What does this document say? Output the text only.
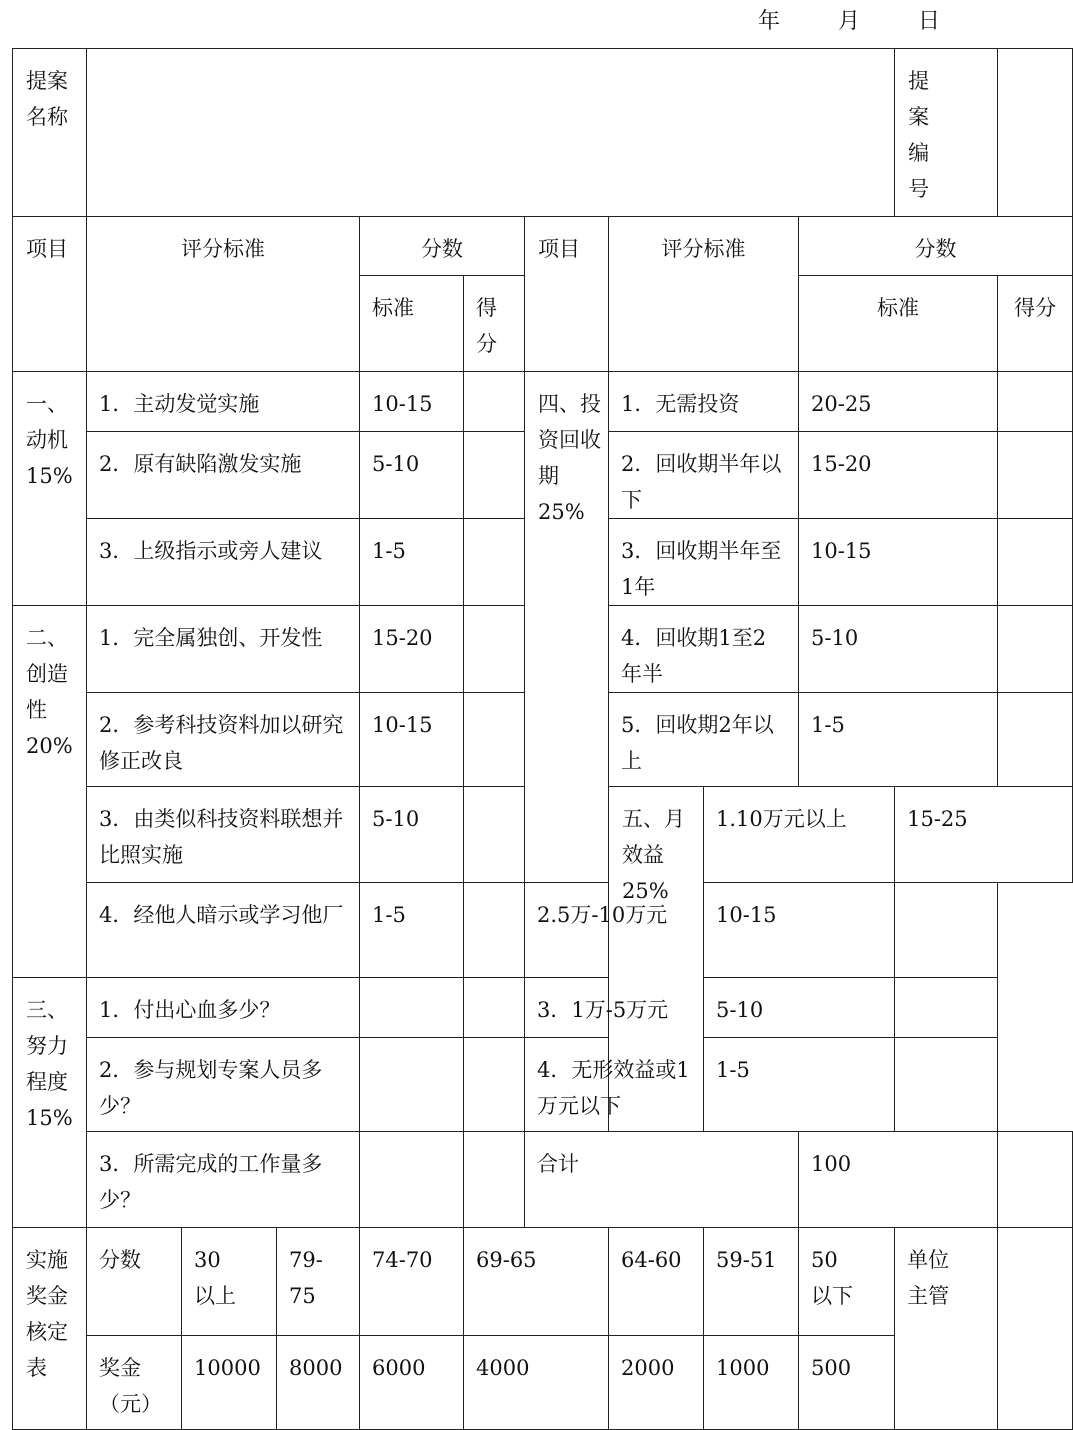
年	月	日
提案名称										提案编号		

项目	评分标准			分数		项目	评分标准		分数			
				标准	得分				标准		得分	
一、动机15%	1．主动发觉实施			10-15		四、投资回收期25%	1．无需投资		20-25			
	2．原有缺陷激发实施			5-10			2．回收期半年以下		15-20			
	3．上级指示或旁人建议			1-5			3．回收期半年至1年		10-15			
二、创造性20%	1．完全属独创、开发性			15-20			4．回收期1至2年半		5-10			
	2．参考科技资料加以研究修正改良			10-15			5．回收期2年以上		1-5			
	3．由类似科技资料联想并比照实施			5-10			五、月效益25%	1.10万元以上		15-25		
	4．经他人暗示或学习他厂			1-5		2.5万-10万元		10-15				
三、努力程度15%	1．付出心血多少？					3．1万-5万元		5-10				
	2．参与规划专案人员多少？					4．无形效益或1万元以下		1-5				
	3．所需完成的工作量多少？					合计			100			
实施奖金核定表	分数	30以上	79-75	74-70	69-65		64-60	59-51	50以下	单位主管		

	奖金（元）	10000	8000	6000	4000		2000	1000	500			
